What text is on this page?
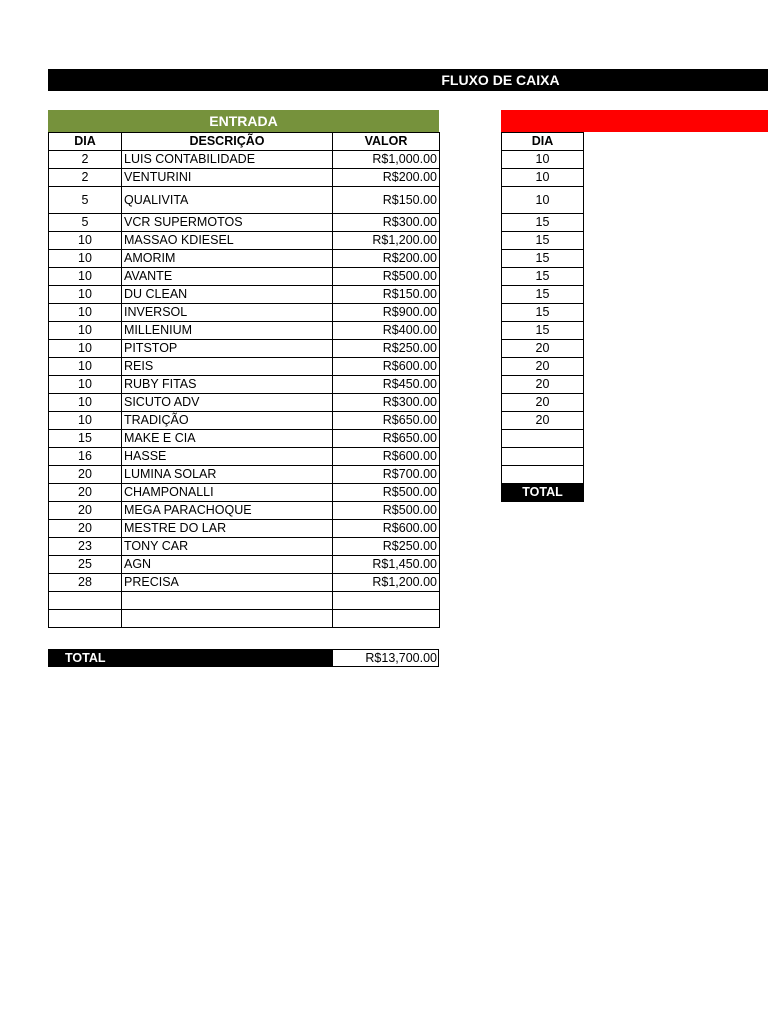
FLUXO DE CAIXA
ENTRADA
DIA	DESCRIÇÃO	VALOR
2	LUIS CONTABILIDADE	R$1,000.00
2	VENTURINI	R$200.00
5	QUALIVITA	R$150.00
5	VCR SUPERMOTOS	R$300.00
10	MASSAO KDIESEL	R$1,200.00
10	AMORIM	R$200.00
10	AVANTE	R$500.00
10	DU CLEAN	R$150.00
10	INVERSOL	R$900.00
10	MILLENIUM	R$400.00
10	PITSTOP	R$250.00
10	REIS	R$600.00
10	RUBY FITAS	R$450.00
10	SICUTO ADV	R$300.00
10	TRADIÇÃO	R$650.00
15	MAKE E CIA	R$650.00
16	HASSE	R$600.00
20	LUMINA SOLAR	R$700.00
20	CHAMPONALLI	R$500.00
20	MEGA PARACHOQUE	R$500.00
20	MESTRE DO LAR	R$600.00
23	TONY CAR	R$250.00
25	AGN	R$1,450.00
28	PRECISA	R$1,200.00

DIA
10
10
10
15
15
15
15
15
15
15
20
20
20
20
20

TOTAL
TOTAL	R$13,700.00
